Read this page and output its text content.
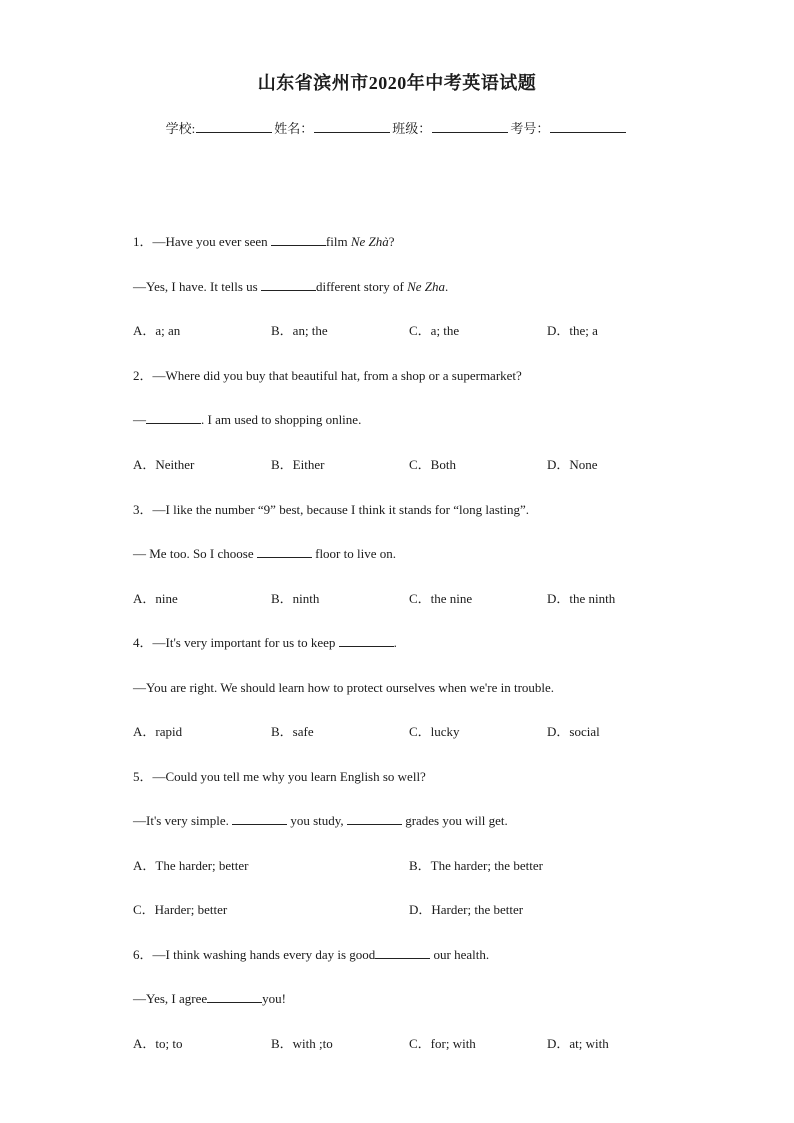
山东省滨州市2020年中考英语试题
学校:	姓名：	班级：	考号：
1．—Have you ever seen	film Ne Zhà?
—Yes, I have. It tells us	different story of Ne Zha.
A．a; an	B．an; the	C．a; the	D．the; a
2．—Where did you buy that beautiful hat, from a shop or a supermarket?
—	. I am used to shopping online.
A．Neither	B．Either	C．Both	D．None
3．—I like the number “9” best, because I think it stands for “long lasting”.
— Me too. So I choose	floor to live on.
A．nine	B．ninth	C．the nine	D．the ninth
4．—It's very important for us to keep	.
—You are right. We should learn how to protect ourselves when we're in trouble.
A．rapid	B．safe	C．lucky	D．social
5．—Could you tell me why you learn English so well?
—It's very simple.	you study,	grades you will get.
A．The harder; better	B．The harder; the better
C．Harder; better	D．Harder; the better
6．—I think washing hands every day is good	our health.
—Yes, I agree	you!
A．to; to	B．with ;to	C．for; with	D．at; with
